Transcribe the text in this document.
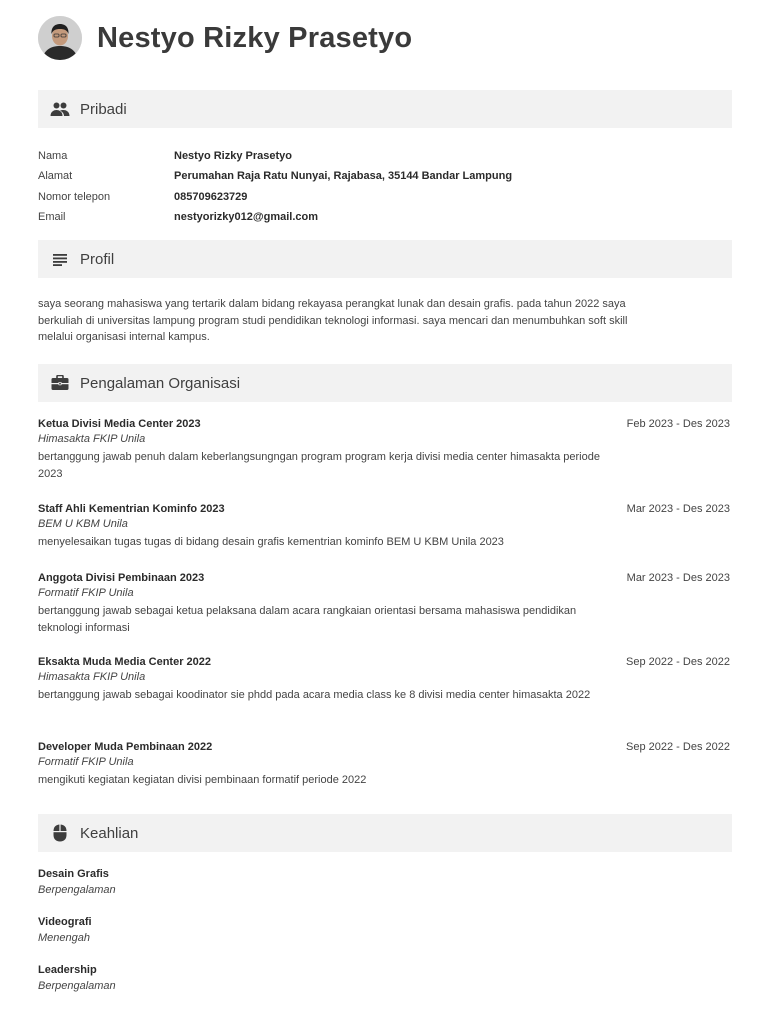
Nestyo Rizky Prasetyo
Pribadi
Nama	Nestyo Rizky Prasetyo
Alamat	Perumahan Raja Ratu Nunyai, Rajabasa, 35144 Bandar Lampung
Nomor telepon	085709623729
Email	nestyorizky012@gmail.com
Profil
saya seorang mahasiswa yang tertarik dalam bidang rekayasa perangkat lunak dan desain grafis. pada tahun 2022 saya berkuliah di universitas lampung program studi pendidikan teknologi informasi. saya mencari dan menumbuhkan soft skill melalui organisasi internal kampus.
Pengalaman Organisasi
Ketua Divisi Media Center 2023	Feb 2023 - Des 2023
Himasakta FKIP Unila
bertanggung jawab penuh dalam keberlangsungngan program program kerja divisi media center himasakta periode 2023
Staff Ahli Kementrian Kominfo 2023	Mar 2023 - Des 2023
BEM U KBM Unila
menyelesaikan tugas tugas di bidang desain grafis kementrian kominfo BEM U KBM Unila 2023
Anggota Divisi Pembinaan 2023	Mar 2023 - Des 2023
Formatif FKIP Unila
bertanggung jawab sebagai ketua pelaksana dalam acara rangkaian orientasi bersama mahasiswa pendidikan teknologi informasi
Eksakta Muda Media Center 2022	Sep 2022 - Des 2022
Himasakta FKIP Unila
bertanggung jawab sebagai koodinator sie phdd pada acara media class ke 8 divisi media center himasakta 2022
Developer Muda Pembinaan 2022	Sep 2022 - Des 2022
Formatif FKIP Unila
mengikuti kegiatan kegiatan divisi pembinaan formatif periode 2022
Keahlian
Desain Grafis
Berpengalaman
Videografi
Menengah
Leadership
Berpengalaman
